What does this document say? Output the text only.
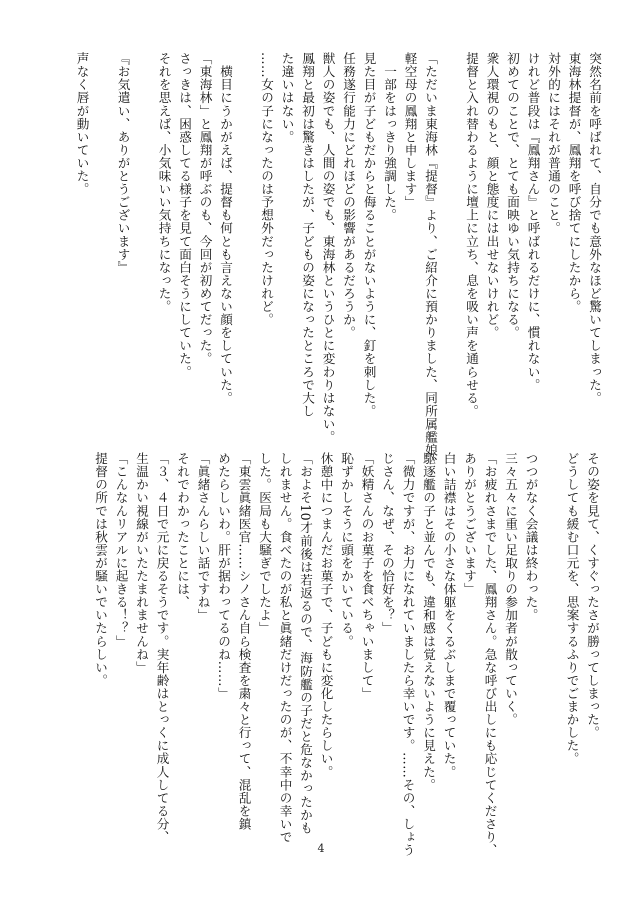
突然名前を呼ばれて、自分でも意外なほど驚いてしまった。
東海林提督が、鳳翔を呼び捨てにしたから。
対外的にはそれが普通のこと。
けれど普段は『鳳翔さん』と呼ばれるだけに、慣れない。
初めてのことで、とても面映ゆい気持ちになる。
衆人環視のもと、顔と態度には出せないけれど。
提督と入れ替わるように壇上に立ち、息を吸い声を通らせる。

「ただいま東海林『提督』より、ご紹介に預かりました、同所属艦娘、
軽空母の鳳翔と申します」
　一部をはっきり強調した。
見た目が子どもだからと侮ることがないように、釘を刺した。
任務遂行能力にどれほどの影響があるだろうか。
獣人の姿でも、人間の姿でも、東海林というひとに変わりはない。
鳳翔と最初は驚きはしたが、子どもの姿になったところで大し
た違いはない。
……女の子になったのは予想外だったけれど。

　横目にうかがえば、提督も何とも言えない顔をしていた。
「東海林」と鳳翔が呼ぶのも、今回が初めてだった。
さっきは、困惑してる様子を見て面白そうにしていた。
それを思えば、小気味いい気持ちになった。

『お気遣い、ありがとうございます』

声なく唇が動いていた。

その姿を見て、くすぐったさが勝ってしまった。
どうしても緩む口元を、思案するふりでごまかした。

つつがなく会議は終わった。
三々五々に重い足取りの参加者が散っていく。
「お疲れさまでした、鳳翔さん。急な呼び出しにも応じてくださり、
ありがとうございます」
白い詰襟はその小さな体躯をくるぶしまで覆っていた。
駆逐艦の子と並んでも、違和感は覚えないように見えた。
「微力ですが、お力になれていましたら幸いです。……その、しょう
じさん、なぜ、その恰好を？」
「妖精さんのお菓子を食べちゃいまして」
恥ずかしそうに頭をかいている。
休憩中につまんだお菓子で、子どもに変化したらしい。
「およそ10才前後は若返るので、海防艦の子だと危なかったかも
しれません。食べたのが私と眞緒だけだったのが、不幸中の幸いで
した。医局も大騒ぎでしたよ」
「東雲眞緒医官……シノさん自ら検査を粛々と行って、混乱を鎮
めたらしいわ。肝が据わってるのね……」
「眞緒さんらしい話ですね」
それでわかったことには、
「３、４日で元に戻るそうです。実年齢はとっくに成人してる分、
生温かい視線がいたたまれませんね」
「こんなんリアルに起きる！？」
提督の所では秋雲が騒いでいたらしい。

4
